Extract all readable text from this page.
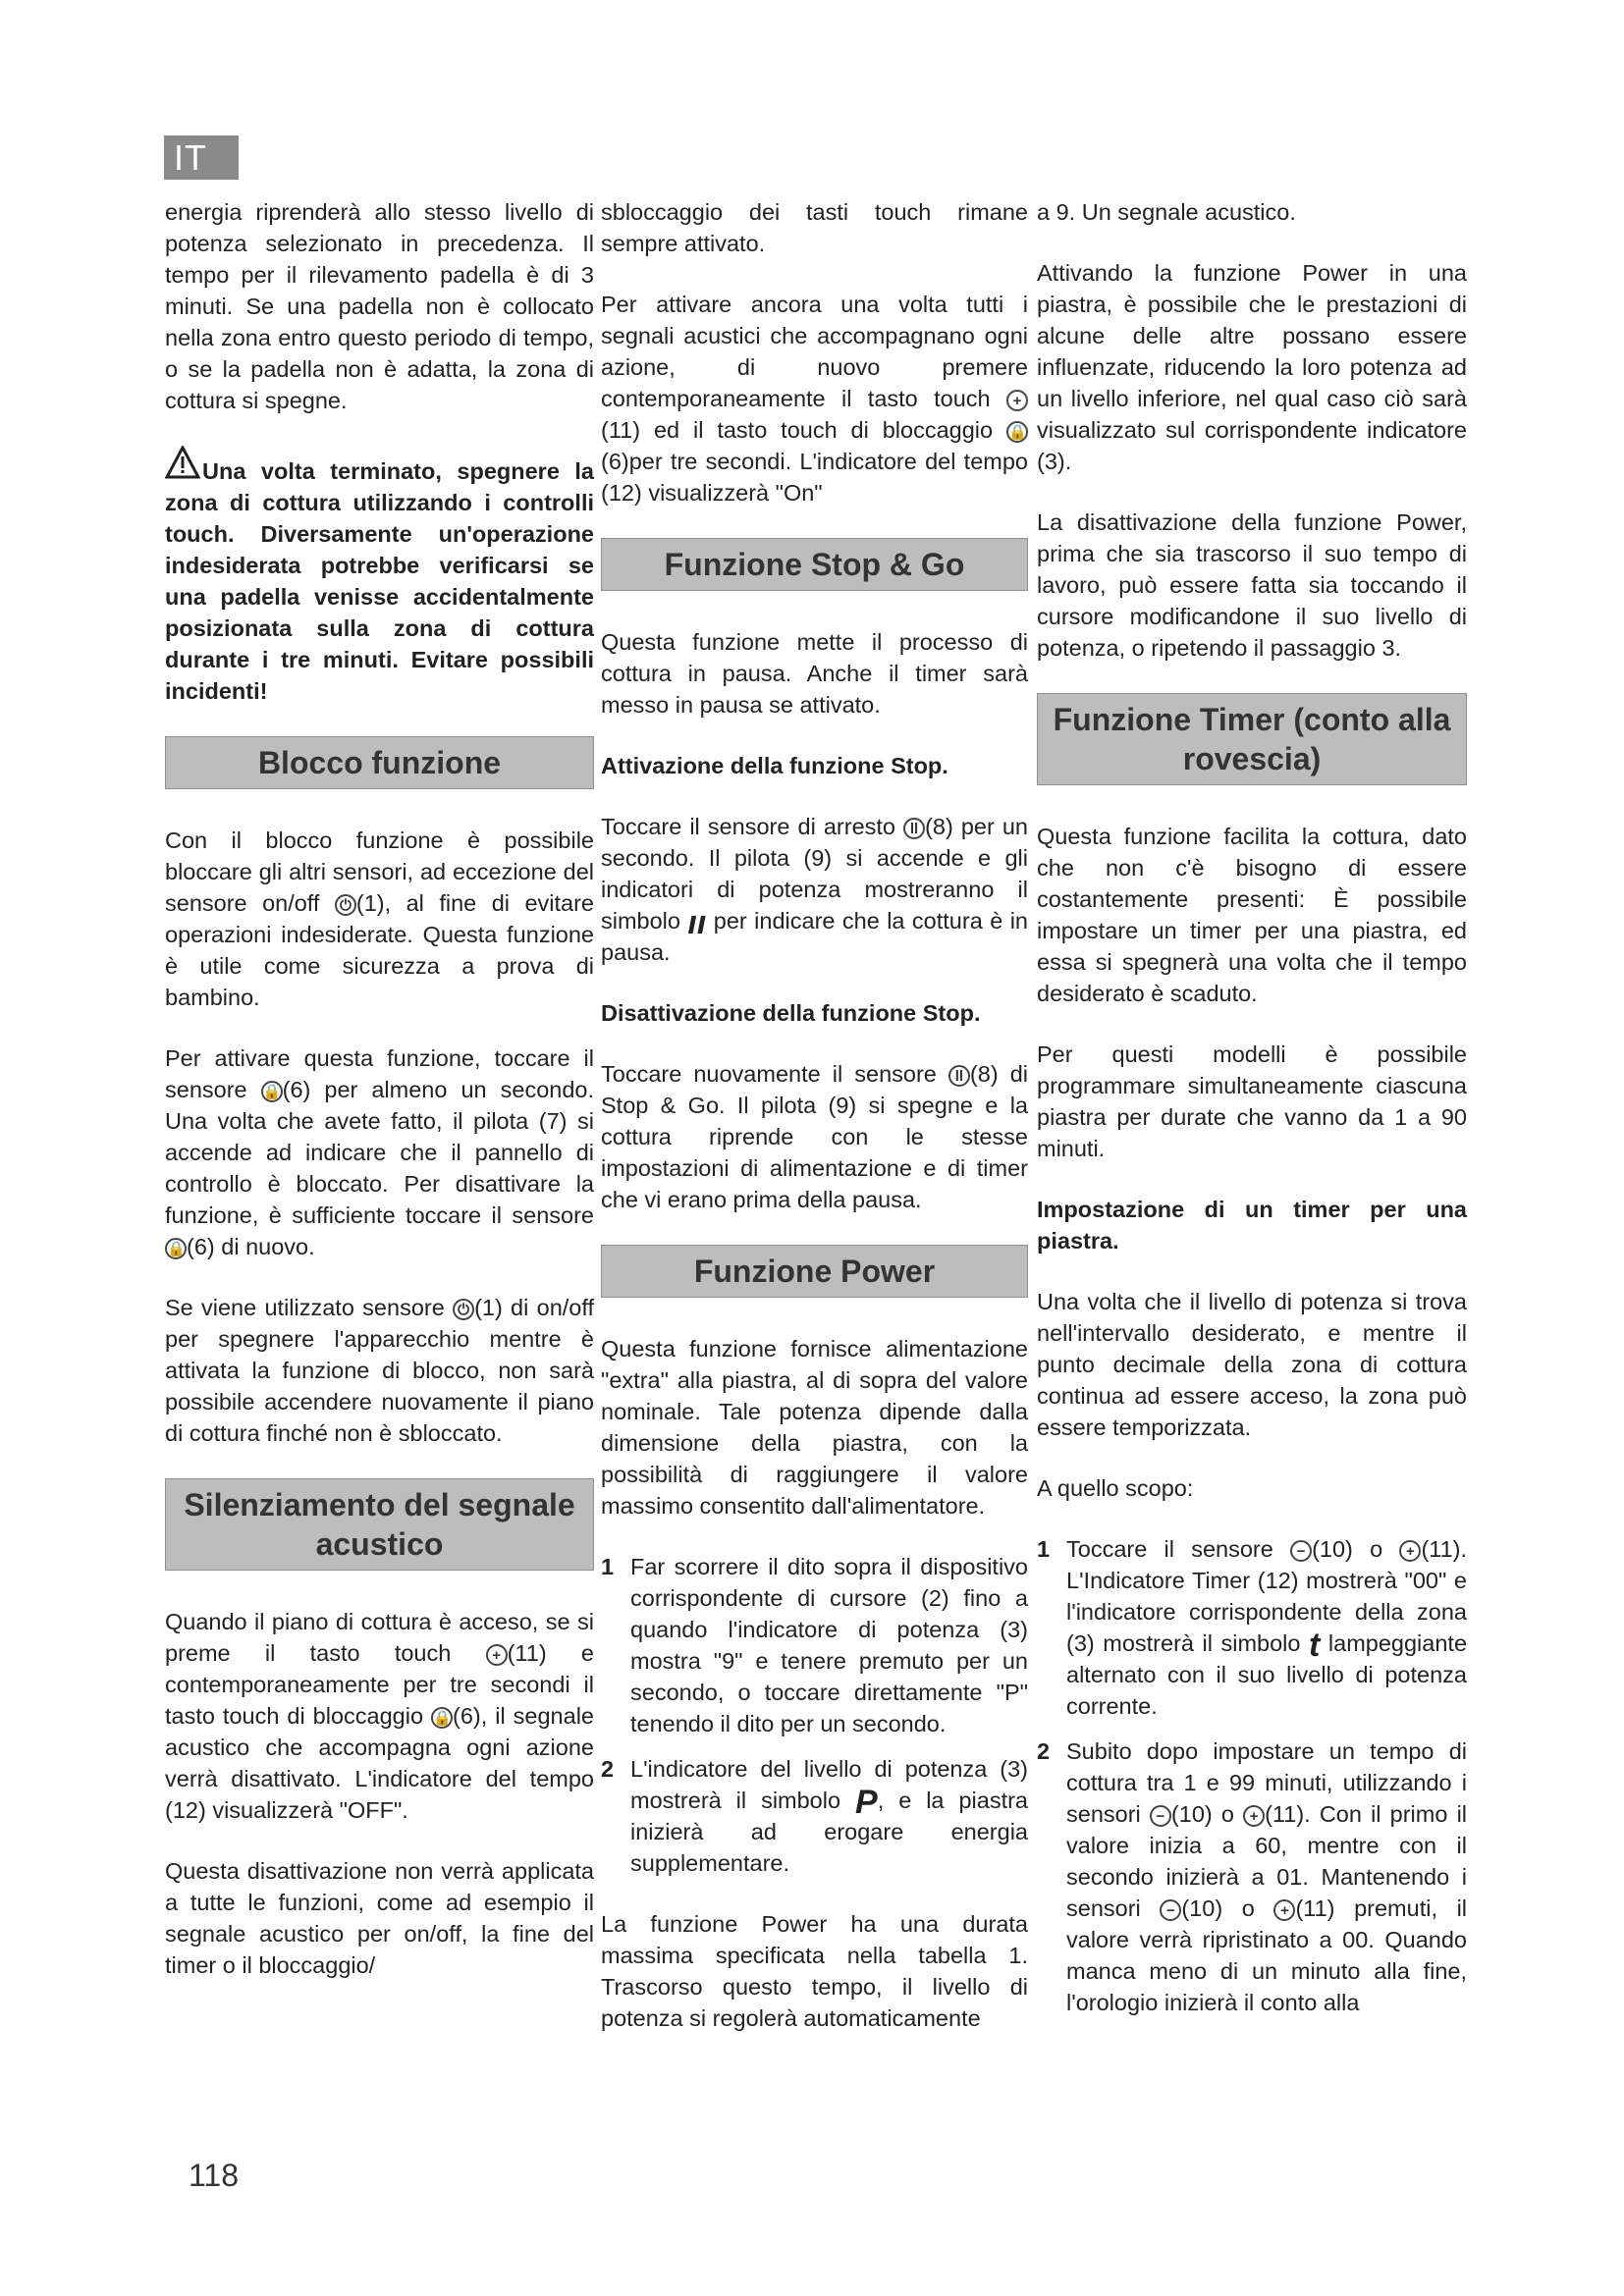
IT

energia riprenderà allo stesso livello di potenza selezionato in precedenza. Il tempo per il rilevamento padella è di 3 minuti. Se una padella non è collocato nella zona entro questo periodo di tempo, o se la padella non è adatta, la zona di cottura si spegne.

Una volta terminato, spegnere la zona di cottura utilizzando i controlli touch. Diversamente un'operazione indesiderata potrebbe verificarsi se una padella venisse accidentalmente posizionata sulla zona di cottura durante i tre minuti. Evitare possibili incidenti!

Blocco funzione

Con il blocco funzione è possibile bloccare gli altri sensori, ad eccezione del sensore on/off ⏻ (1), al fine di evitare operazioni indesiderate. Questa funzione è utile come sicurezza a prova di bambino.

Per attivare questa funzione, toccare il sensore 🔒(6) per almeno un secondo. Una volta che avete fatto, il pilota (7) si accende ad indicare che il pannello di controllo è bloccato. Per disattivare la funzione, è sufficiente toccare il sensore 🔒(6) di nuovo.

Se viene utilizzato sensore ⏻ (1) di on/off per spegnere l'apparecchio mentre è attivata la funzione di blocco, non sarà possibile accendere nuovamente il piano di cottura finché non è sbloccato.

Silenziamento del segnale acustico

Quando il piano di cottura è acceso, se si preme il tasto touch	+ (11) e contemporaneamente per tre secondi il tasto touch di bloccaggio 🔒(6), il segnale acustico che accompagna ogni azione verrà disattivato. L'indicatore del tempo (12) visualizzerà "OFF".

Questa disattivazione non verrà applicata a tutte le funzioni, come ad esempio il segnale acustico per on/off, la fine del timer o il bloccaggio/

sbloccaggio dei tasti touch rimane sempre attivato.

Per attivare ancora una volta tutti i segnali acustici che accompagnano ogni azione, di nuovo premere contemporaneamente il tasto touch + (11) ed il tasto touch di bloccaggio 🔒 (6)per tre secondi. L'indicatore del tempo (12) visualizzerà "On"

Funzione Stop & Go

Questa funzione mette il processo di cottura in pausa. Anche il timer sarà messo in pausa se attivato.

Attivazione della funzione Stop.

Toccare il sensore di arresto ll (8) per un secondo. Il pilota (9) si accende e gli indicatori di potenza mostreranno il simbolo ıı per indicare che la cottura è in pausa.

Disattivazione della funzione Stop.

Toccare nuovamente il sensore ll (8) di Stop & Go. Il pilota (9) si spegne e la cottura riprende con le stesse impostazioni di alimentazione e di timer che vi erano prima della pausa.

Funzione Power

Questa funzione fornisce alimentazione "extra" alla piastra, al di sopra del valore nominale. Tale potenza dipende dalla dimensione della piastra, con la possibilità di raggiungere il valore massimo consentito dall'alimentatore.

1 Far scorrere il dito sopra il dispositivo corrispondente di cursore (2) fino a quando l'indicatore di potenza (3) mostra "9" e tenere premuto per un secondo, o toccare direttamente "P" tenendo il dito per un secondo.
2 L'indicatore del livello di potenza (3) mostrerà il simbolo P, e la piastra inizierà ad erogare energia supplementare.

La funzione Power ha una durata massima specificata nella tabella 1. Trascorso questo tempo, il livello di potenza si regolerà automaticamente

a 9. Un segnale acustico.

Attivando la funzione Power in una piastra, è possibile che le prestazioni di alcune delle altre possano essere influenzate, riducendo la loro potenza ad un livello inferiore, nel qual caso ciò sarà visualizzato sul corrispondente indicatore (3).

La disattivazione della funzione Power, prima che sia trascorso il suo tempo di lavoro, può essere fatta sia toccando il cursore modificandone il suo livello di potenza, o ripetendo il passaggio 3.

Funzione Timer (conto alla rovescia)

Questa funzione facilita la cottura, dato che non c'è bisogno di essere costantemente presenti: È possibile impostare un timer per una piastra, ed essa si spegnerà una volta che il tempo desiderato è scaduto.

Per questi modelli è possibile programmare simultaneamente ciascuna piastra per durate che vanno da 1 a 90 minuti.

Impostazione di un timer per una piastra.

Una volta che il livello di potenza si trova nell'intervallo desiderato, e mentre il punto decimale della zona di cottura continua ad essere acceso, la zona può essere temporizzata.

A quello scopo:

1 Toccare il sensore − (10) o + (11). L'Indicatore Timer (12) mostrerà "00" e l'indicatore corrispondente della zona (3) mostrerà il simbolo t lampeggiante alternato con il suo livello di potenza corrente.
2 Subito dopo impostare un tempo di cottura tra 1 e 99 minuti, utilizzando i sensori − (10) o + (11). Con il primo il valore inizia a 60, mentre con il secondo inizierà a 01. Mantenendo i sensori − (10) o + (11) premuti, il valore verrà ripristinato a 00. Quando manca meno di un minuto alla fine, l'orologio inizierà il conto alla
118
